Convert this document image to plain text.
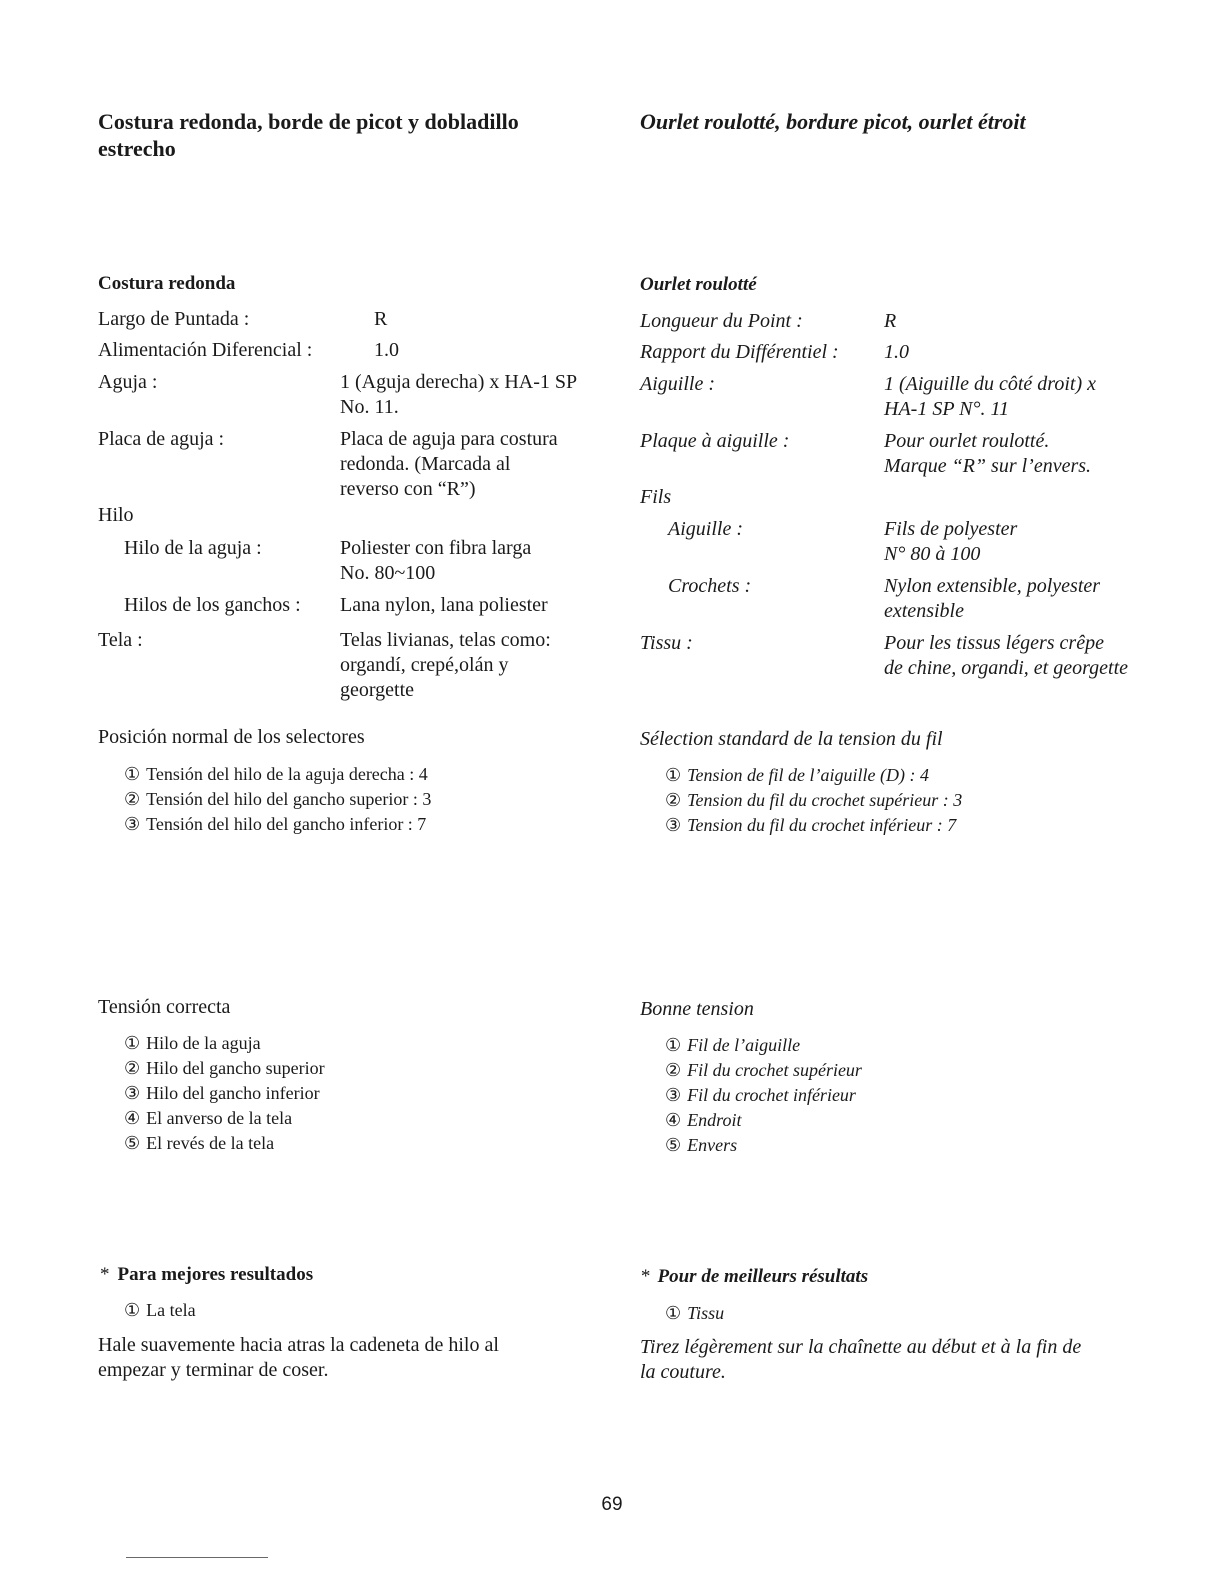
Costura redonda, borde de picot y dobladillo
estrecho
Costura redonda
Largo de Puntada :	R
Alimentación Diferencial :	1.0
Aguja :	1 (Aguja derecha) x HA-1 SP
No. 11.
Placa de aguja :	Placa de aguja para costura
redonda. (Marcada al
reverso con “R”)
Hilo
Hilo de la aguja :	Poliester con fibra larga
No. 80~100
Hilos de los ganchos : Lana nylon, lana poliester
Tela :	Telas livianas, telas como:
organdí, crepé,olán y
georgette
Posición normal de los selectores
① Tensión del hilo de la aguja derecha : 4
② Tensión del hilo del gancho superior : 3
③ Tensión del hilo del gancho inferior : 7
Tensión correcta
① Hilo de la aguja
② Hilo del gancho superior
③ Hilo del gancho inferior
④ El anverso de la tela
⑤ El revés de la tela
* Para mejores resultados
① La tela
Hale suavemente hacia atras la cadeneta de hilo al
empezar y terminar de coser.
Ourlet roulotté, bordure picot, ourlet étroit
Ourlet roulotté
Longueur du Point :	R
Rapport du Différentiel : 1.0
Aiguille :	1 (Aiguille du côté droit) x
HA-1 SP N°. 11
Plaque à aiguille :	Pour ourlet roulotté.
Marque “R” sur l’envers.
Fils
Aiguille :	Fils de polyester
N° 80 à 100
Crochets :	Nylon extensible, polyester
extensible
Tissu :	Pour les tissus légers crêpe
de chine, organdi, et georgette
Sélection standard de la tension du fil
① Tension de fil de l’aiguille (D) : 4
② Tension du fil du crochet supérieur : 3
③ Tension du fil du crochet inférieur : 7
Bonne tension
① Fil de l’aiguille
② Fil du crochet supérieur
③ Fil du crochet inférieur
④ Endroit
⑤ Envers
* Pour de meilleurs résultats
① Tissu
Tirez légèrement sur la chaînette au début et à la fin de
la couture.
69
